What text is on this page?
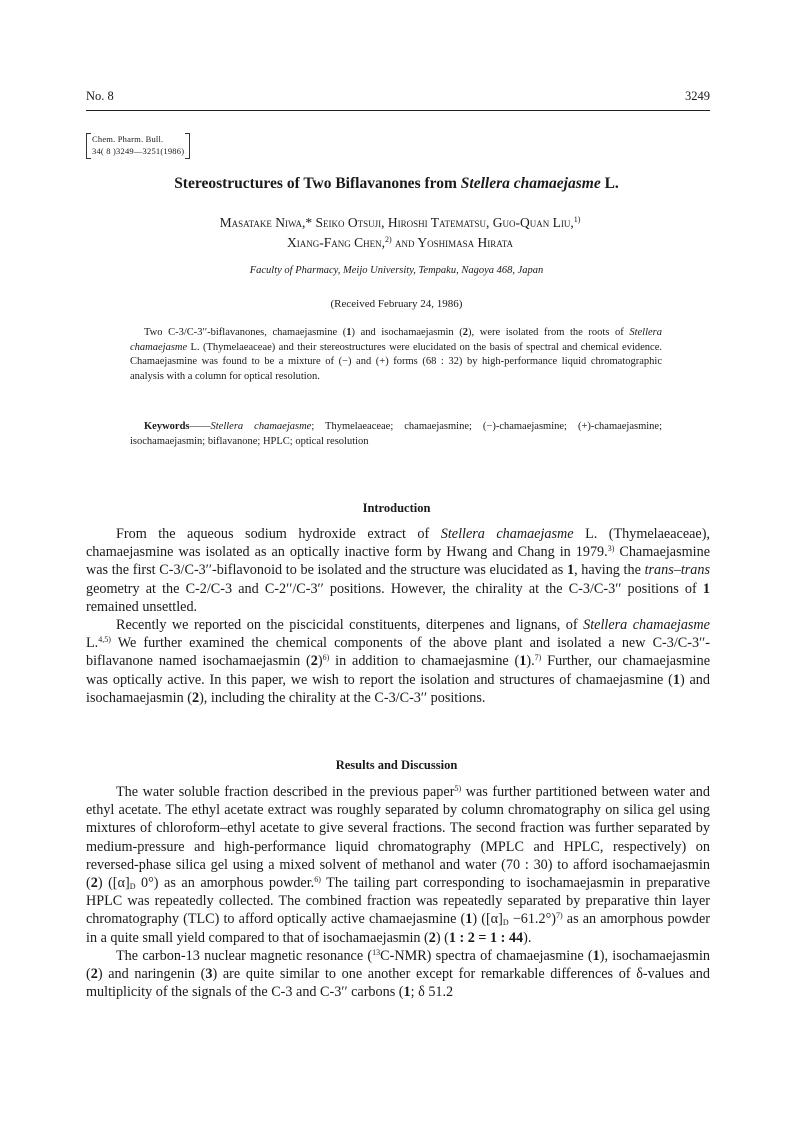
No. 8	3249
Chem. Pharm. Bull.
34( 8 )3249—3251(1986)
Stereostructures of Two Biflavanones from Stellera chamaejasme L.
Masatake Niwa,* Seiko Otsuji, Hiroshi Tatematsu, Guo-Quan Liu,$^{1)}$
Xiang-Fang Chen,$^{2)}$ and Yoshimasa Hirata
Faculty of Pharmacy, Meijo University, Tempaku, Nagoya 468, Japan
(Received February 24, 1986)

Two C-3/C-3′′-biflavanones, chamaejasmine (1) and isochamaejasmin (2), were isolated from the roots of Stellera chamaejasme L. (Thymelaeaceae) and their stereostructures were elucidated on the basis of spectral and chemical evidence. Chamaejasmine was found to be a mixture of (−) and (+) forms (68 : 32) by high-performance liquid chromatographic analysis with a column for optical resolution.

Keywords——Stellera chamaejasme; Thymelaeaceae; chamaejasmine; (−)-chamaejasmine; (+)-chamaejasmine; isochamaejasmin; biflavanone; HPLC; optical resolution

Introduction

From the aqueous sodium hydroxide extract of Stellera chamaejasme L. (Thymelaeaceae), chamaejasmine was isolated as an optically inactive form by Hwang and Chang in 1979.$^{3)}$ Chamaejasmine was the first C-3/C-3′′-biflavonoid to be isolated and the structure was elucidated as 1, having the trans–trans geometry at the C-2/C-3 and C-2′′/C-3′′ positions. However, the chirality at the C-3/C-3′′ positions of 1 remained unsettled.

Recently we reported on the piscicidal constituents, diterpenes and lignans, of Stellera chamaejasme L.$^{4,5)}$ We further examined the chemical components of the above plant and isolated a new C-3/C-3′′-biflavanone named isochamaejasmin $(2)^{6)}$ in addition to chamaejasmine (1).$^{7)}$ Further, our chamaejasmine was optically active. In this paper, we wish to report the isolation and structures of chamaejasmine (1) and isochamaejasmin (2), including the chirality at the C-3/C-3′′ positions.

Results and Discussion

The water soluble fraction described in the previous paper$^{5)}$ was further partitioned between water and ethyl acetate. The ethyl acetate extract was roughly separated by column chromatography on silica gel using mixtures of chloroform–ethyl acetate to give several fractions. The second fraction was further separated by medium-pressure and high-performance liquid chromatography (MPLC and HPLC, respectively) on reversed-phase silica gel using a mixed solvent of methanol and water (70 : 30) to afford isochamaejasmin (2) ($[\alpha]_D$ 0°) as an amorphous powder.$^{6)}$ The tailing part corresponding to isochamaejasmin in preparative HPLC was repeatedly collected. The combined fraction was repeatedly separated by preparative thin layer chromatography (TLC) to afford optically active chamaejasmine (1) $([\alpha]_D -61.2^\circ)^{7)}$ as an amorphous powder in a quite small yield compared to that of isochamaejasmin (2) (1 : 2 = 1 : 44).

The carbon-13 nuclear magnetic resonance ($^{13}$C-NMR) spectra of chamaejasmine (1), isochamaejasmin (2) and naringenin (3) are quite similar to one another except for remarkable differences of δ-values and multiplicity of the signals of the C-3 and C-3′′ carbons (1; δ 51.2
